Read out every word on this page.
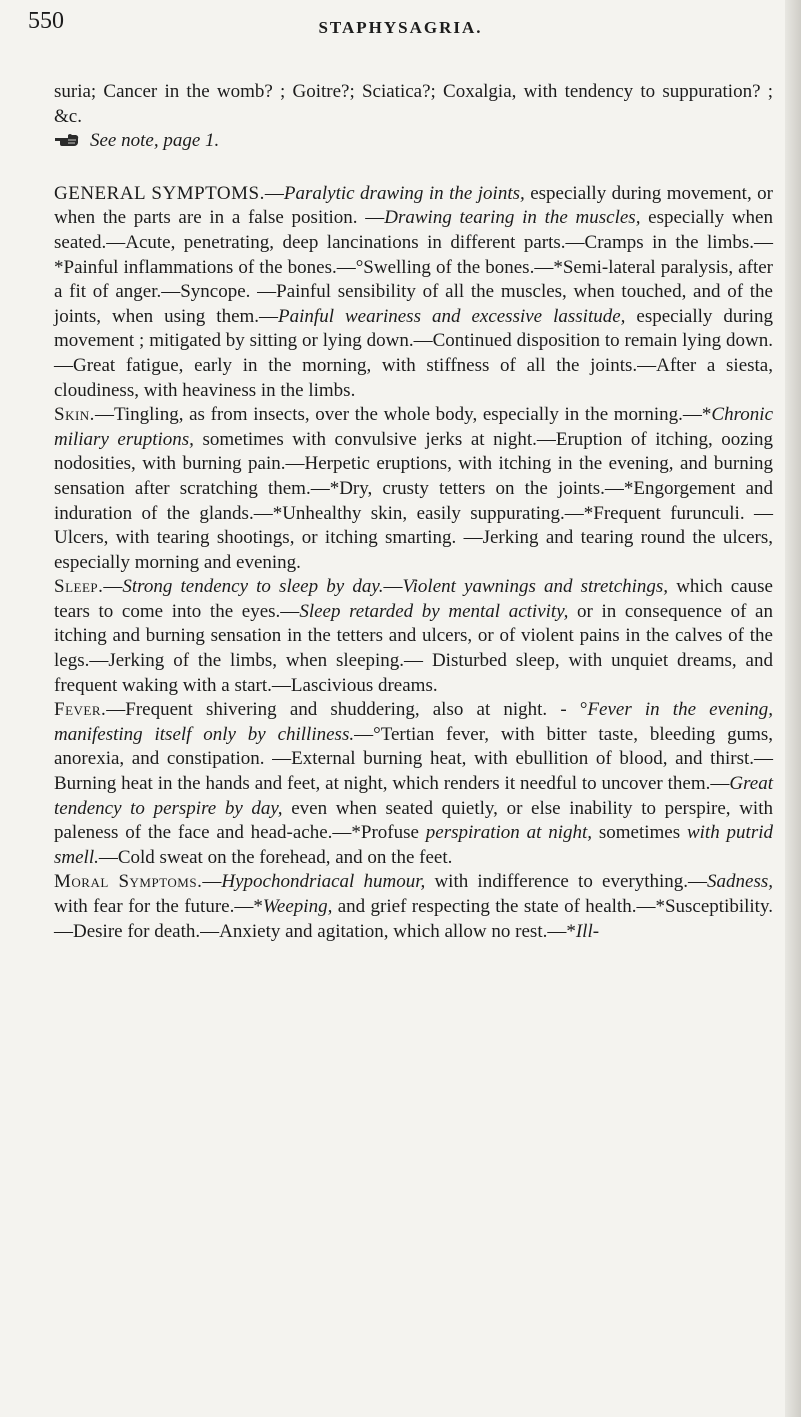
550	STAPHYSAGRIA.

suria; Cancer in the womb? ; Goitre?; Sciatica?; Coxalgia, with tendency to suppuration? ; &c.

See note, page 1.

GENERAL SYMPTOMS.—Paralytic drawing in the joints, especially during movement, or when the parts are in a false position. —Drawing tearing in the muscles, especially when seated.—Acute, penetrating, deep lancinations in different parts.—Cramps in the limbs.—*Painful inflammations of the bones.—°Swelling of the bones.—*Semi-lateral paralysis, after a fit of anger.—Syncope. —Painful sensibility of all the muscles, when touched, and of the joints, when using them.—Painful weariness and excessive lassitude, especially during movement ; mitigated by sitting or lying down.—Continued disposition to remain lying down.—Great fatigue, early in the morning, with stiffness of all the joints.—After a siesta, cloudiness, with heaviness in the limbs.

Skin.—Tingling, as from insects, over the whole body, especially in the morning.—*Chronic miliary eruptions, sometimes with convulsive jerks at night.—Eruption of itching, oozing nodosities, with burning pain.—Herpetic eruptions, with itching in the evening, and burning sensation after scratching them.—*Dry, crusty tetters on the joints.—*Engorgement and induration of the glands.—*Unhealthy skin, easily suppurating.—*Frequent furunculi. — Ulcers, with tearing shootings, or itching smarting. —Jerking and tearing round the ulcers, especially morning and evening.

Sleep.—Strong tendency to sleep by day.—Violent yawnings and stretchings, which cause tears to come into the eyes.—Sleep retarded by mental activity, or in consequence of an itching and burning sensation in the tetters and ulcers, or of violent pains in the calves of the legs.—Jerking of the limbs, when sleeping.— Disturbed sleep, with unquiet dreams, and frequent waking with a start.—Lascivious dreams.

Fever.—Frequent shivering and shuddering, also at night. - °Fever in the evening, manifesting itself only by chilliness.—°Tertian fever, with bitter taste, bleeding gums, anorexia, and constipation. —External burning heat, with ebullition of blood, and thirst.— Burning heat in the hands and feet, at night, which renders it needful to uncover them.—Great tendency to perspire by day, even when seated quietly, or else inability to perspire, with paleness of the face and head-ache.—*Profuse perspiration at night, sometimes with putrid smell.—Cold sweat on the forehead, and on the feet.

Moral Symptoms.—Hypochondriacal humour, with indifference to everything.—Sadness, with fear for the future.—*Weeping, and grief respecting the state of health.—*Susceptibility.—Desire for death.—Anxiety and agitation, which allow no rest.—*Ill-
